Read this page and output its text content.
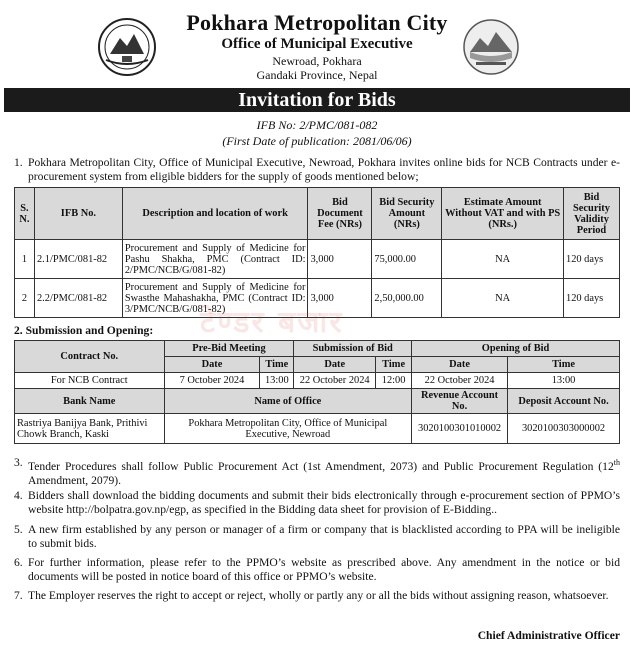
Pokhara Metropolitan City
Office of Municipal Executive
Newroad, Pokhara
Gandaki Province, Nepal
Invitation for Bids
IFB No: 2/PMC/081-082
(First Date of publication: 2081/06/06)
1. Pokhara Metropolitan City, Office of Municipal Executive, Newroad, Pokhara invites online bids for NCB Contracts under e-procurement system from eligible bidders for the supply of goods mentioned below;
S. N.	IFB No.	Description and location of work	Bid Document Fee (NRs)	Bid Security Amount (NRs)	Estimate Amount Without VAT and with PS (NRs.)	Bid Security Validity Period
1	2.1/PMC/081-82	Procurement and Supply of Medicine for Pashu Shakha, PMC (Contract ID: 2/PMC/NCB/G/081-82)	3,000	75,000.00	NA	120 days
2	2.2/PMC/081-82	Procurement and Supply of Medicine for Swasthe Mahashakha, PMC (Contract ID: 3/PMC/NCB/G/081-82)	3,000	2,50,000.00	NA	120 days
टेण्डर बजार
2. Submission and Opening:
Contract No.	Pre-Bid Meeting		Submission of Bid		Opening of Bid	
	Date	Time	Date	Time	Date	Time
For NCB Contract	7 October 2024	13:00	22 October 2024	12:00	22 October 2024	13:00
Bank Name	Name of Office				Revenue Account No.	Deposit Account No.
Rastriya Banijya Bank, Prithivi Chowk Branch, Kaski	Pokhara Metropolitan City, Office of Municipal Executive, Newroad				3020100301010002	3020100303000002
3. Tender Procedures shall follow Public Procurement Act (1st Amendment, 2073) and Public Procurement Regulation (12th Amendment, 2079).
4. Bidders shall download the bidding documents and submit their bids electronically through e-procurement section of PPMO’s website http://bolpatra.gov.np/egp, as specified in the Bidding data sheet for provision of E-Bidding..
5. A new firm established by any person or manager of a firm or company that is blacklisted according to PPA will be ineligible to submit bids.
6. For further information, please refer to the PPMO’s website as prescribed above. Any amendment in the notice or bid documents will be posted in notice board of this office or PPMO’s website.
7. The Employer reserves the right to accept or reject, wholly or partly any or all the bids without assigning reason, whatsoever.
Chief Administrative Officer
